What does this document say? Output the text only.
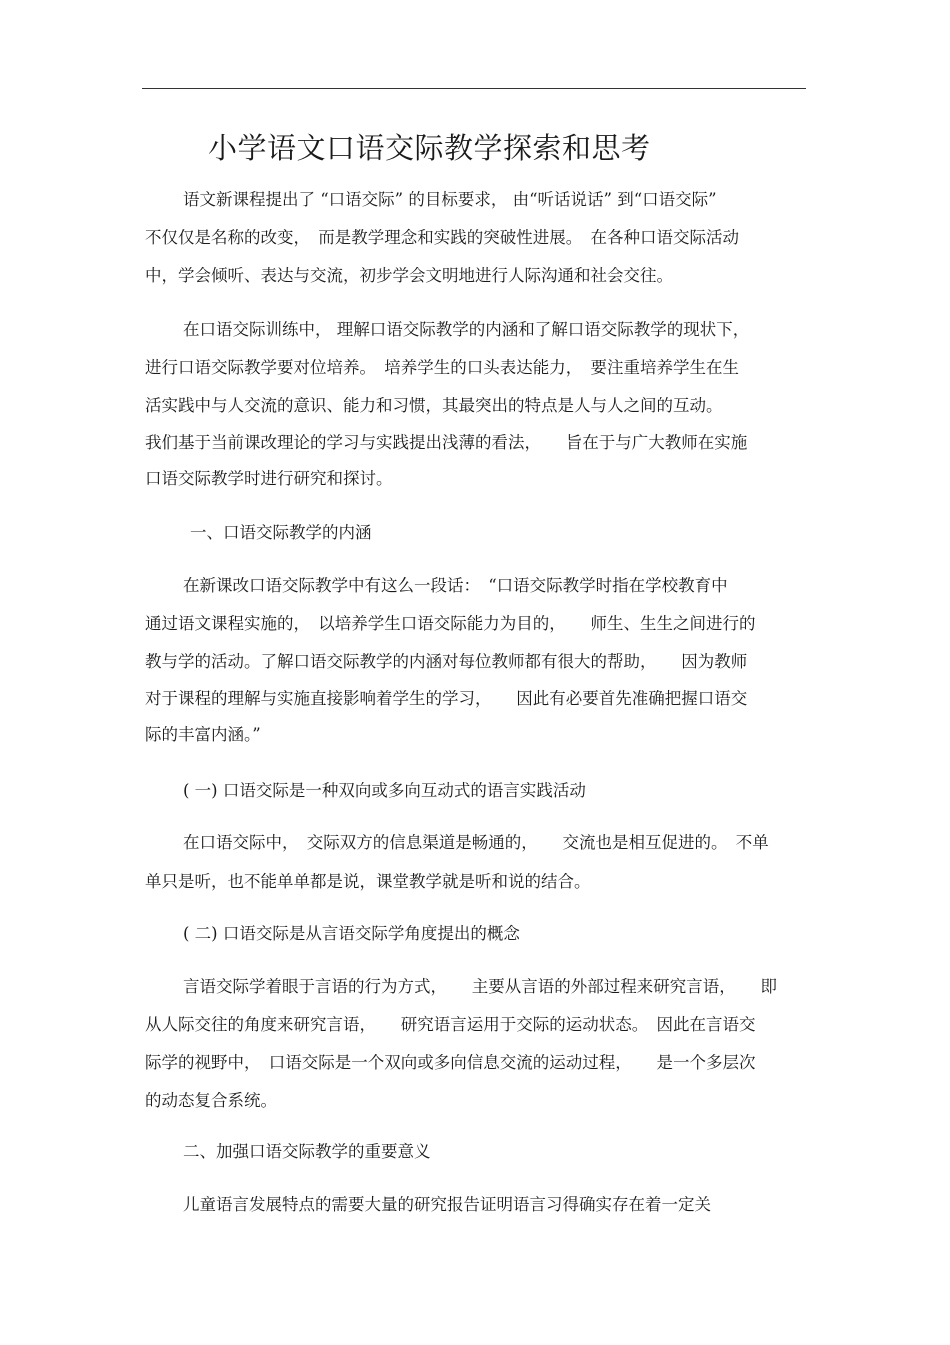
小学语文口语交际教学探索和思考
语文新课程提出了 “口语交际” 的目标要求， 由“听话说话” 到“口语交际”
不仅仅是名称的改变，　而是教学理念和实践的突破性进展。　在各种口语交际活动
中，学会倾听、表达与交流，初步学会文明地进行人际沟通和社会交往。
在口语交际训练中， 理解口语交际教学的内涵和了解口语交际教学的现状下，
进行口语交际教学要对位培养。　培养学生的口头表达能力，　要注重培养学生在生
活实践中与人交流的意识、能力和习惯，其最突出的特点是人与人之间的互动。
我们基于当前课改理论的学习与实践提出浅薄的看法，　　旨在于与广大教师在实施
口语交际教学时进行研究和探讨。
一、口语交际教学的内涵
在新课改口语交际教学中有这么一段话：　“口语交际教学时指在学校教育中
通过语文课程实施的，　以培养学生口语交际能力为目的，　　师生、生生之间进行的
教与学的活动。了解口语交际教学的内涵对每位教师都有很大的帮助，　　因为教师
对于课程的理解与实施直接影响着学生的学习，　　因此有必要首先准确把握口语交
际的丰富内涵。”
( 一) 口语交际是一种双向或多向互动式的语言实践活动
在口语交际中，　交际双方的信息渠道是畅通的，　　交流也是相互促进的。　不单
单只是听，也不能单单都是说，课堂教学就是听和说的结合。
( 二) 口语交际是从言语交际学角度提出的概念
言语交际学着眼于言语的行为方式，　　主要从言语的外部过程来研究言语，　　即
从人际交往的角度来研究言语，　　研究语言运用于交际的运动状态。　因此在言语交
际学的视野中，　口语交际是一个双向或多向信息交流的运动过程，　　是一个多层次
的动态复合系统。
二、加强口语交际教学的重要意义
儿童语言发展特点的需要大量的研究报告证明语言习得确实存在着一定关
